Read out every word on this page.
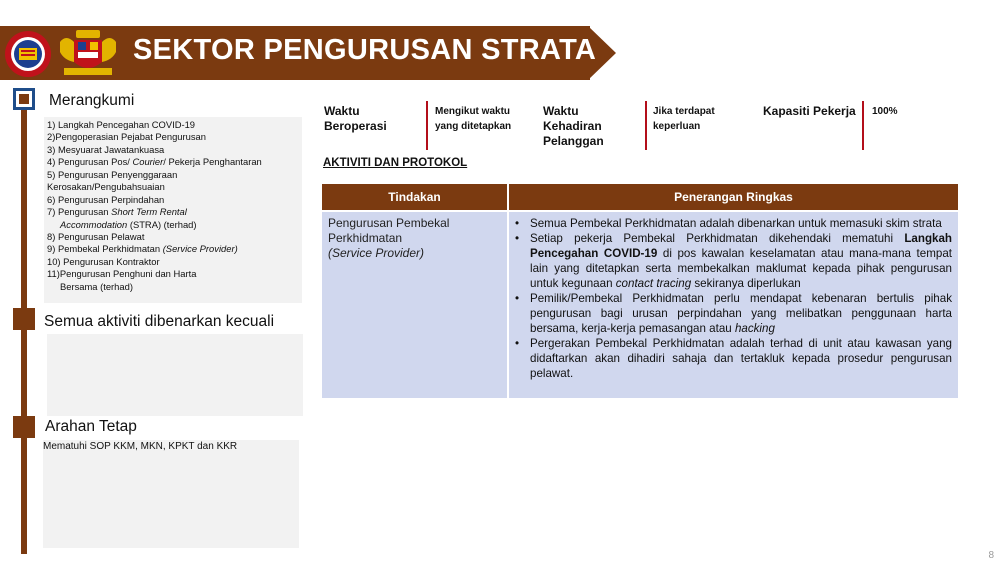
SEKTOR PENGURUSAN STRATA
Merangkumi
1) Langkah Pencegahan COVID-19
2)Pengoperasian Pejabat Pengurusan
3) Mesyuarat Jawatankuasa
4) Pengurusan Pos/ Courier/ Pekerja Penghantaran
5) Pengurusan Penyenggaraan
Kerosakan/Pengubahsuaian
6) Pengurusan Perpindahan
7) Pengurusan Short Term Rental
Accommodation (STRA) (terhad)
8) Pengurusan Pelawat
9) Pembekal Perkhidmatan (Service Provider)
10) Pengurusan Kontraktor
11)Pengurusan Penghuni dan Harta
Bersama (terhad)
Semua aktiviti dibenarkan kecuali
Arahan Tetap
Mematuhi SOP KKM, MKN, KPKT dan KKR
Waktu
Beroperasi
Mengikut waktu
yang ditetapkan
Waktu
Kehadiran
Pelanggan
Jika terdapat
keperluan
Kapasiti Pekerja 100%
AKTIVITI DAN PROTOKOL
Tindakan	Penerangan Ringkas
Pengurusan Pembekal
Perkhidmatan
(Service Provider)
• Semua Pembekal Perkhidmatan adalah dibenarkan untuk memasuki skim strata
• Setiap pekerja Pembekal Perkhidmatan dikehendaki mematuhi Langkah Pencegahan COVID-19 di pos kawalan keselamatan atau mana-mana tempat lain yang ditetapkan serta membekalkan maklumat kepada pihak pengurusan untuk kegunaan contact tracing sekiranya diperlukan
• Pemilik/Pembekal Perkhidmatan perlu mendapat kebenaran bertulis pihak pengurusan bagi urusan perpindahan yang melibatkan penggunaan harta bersama, kerja-kerja pemasangan atau hacking
• Pergerakan Pembekal Perkhidmatan adalah terhad di unit atau kawasan yang didaftarkan akan dihadiri sahaja dan tertakluk kepada prosedur pengurusan pelawat.
8
